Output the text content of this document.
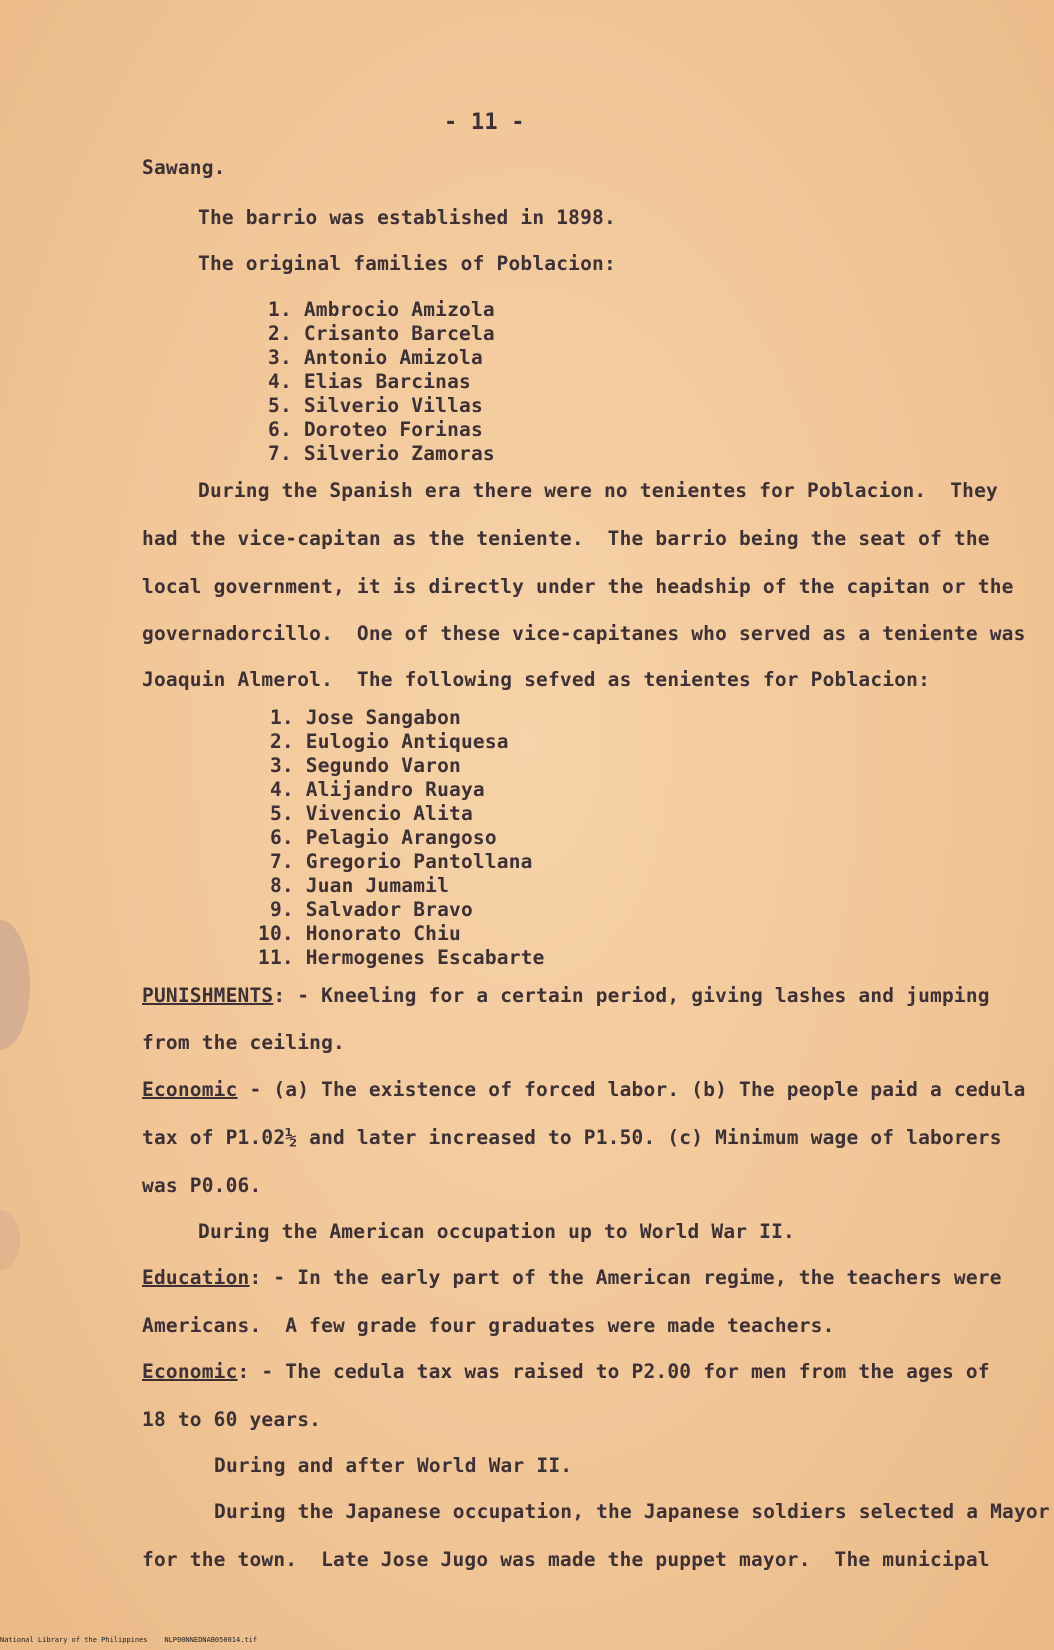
- 11 -
Sawang.
The barrio was established in 1898.
The original families of Poblacion:
1. Ambrocio Amizola
2. Crisanto Barcela
3. Antonio Amizola
4. Elias Barcinas
5. Silverio Villas
6. Doroteo Forinas
7. Silverio Zamoras
During the Spanish era there were no tenientes for Poblacion.  They
had the vice-capitan as the teniente.  The barrio being the seat of the
local government, it is directly under the headship of the capitan or the
governadorcillo.  One of these vice-capitanes who served as a teniente was
Joaquin Almerol.  The following sefved as tenientes for Poblacion:
1. Jose Sangabon
2. Eulogio Antiquesa
3. Segundo Varon
4. Alijandro Ruaya
5. Vivencio Alita
6. Pelagio Arangoso
7. Gregorio Pantollana
8. Juan Jumamil
9. Salvador Bravo
10. Honorato Chiu
11. Hermogenes Escabarte
PUNISHMENTS: - Kneeling for a certain period, giving lashes and jumping
from the ceiling.
Economic - (a) The existence of forced labor. (b) The people paid a cedula
tax of P1.02½ and later increased to P1.50. (c) Minimum wage of laborers
was P0.06.
During the American occupation up to World War II.
Education: - In the early part of the American regime, the teachers were
Americans.  A few grade four graduates were made teachers.
Economic: - The cedula tax was raised to P2.00 for men from the ages of
18 to 60 years.
During and after World War II.
During the Japanese occupation, the Japanese soldiers selected a Mayor
for the town.  Late Jose Jugo was made the puppet mayor.  The municipal
National Library of the Philippines    NLP00NNEDNAB050014.tif
